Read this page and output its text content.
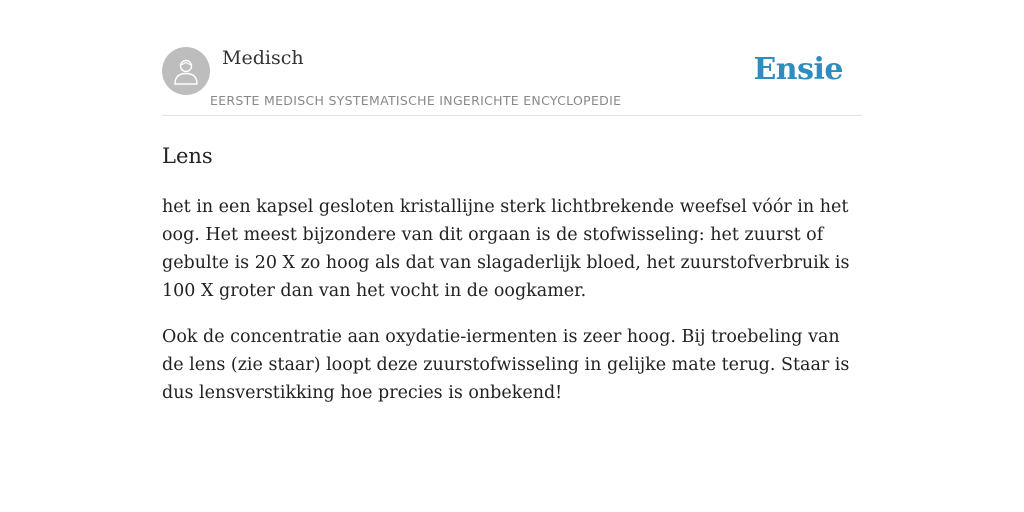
Medisch
EERSTE MEDISCH SYSTEMATISCHE INGERICHTE ENCYCLOPEDIE
Ensie
Lens

het in een kapsel gesloten kristallijne sterk lichtbrekende weefsel vóór in het oog. Het meest bijzondere van dit orgaan is de stofwisseling: het zuurst of gebulte is 20 X zo hoog als dat van slagaderlijk bloed, het zuurstofverbruik is 100 X groter dan van het vocht in de oogkamer.

Ook de concentratie aan oxydatie-iermenten is zeer hoog. Bij troebeling van de lens (zie staar) loopt deze zuurstofwisseling in gelijke mate terug. Staar is dus lensverstikking hoe precies is onbekend!
